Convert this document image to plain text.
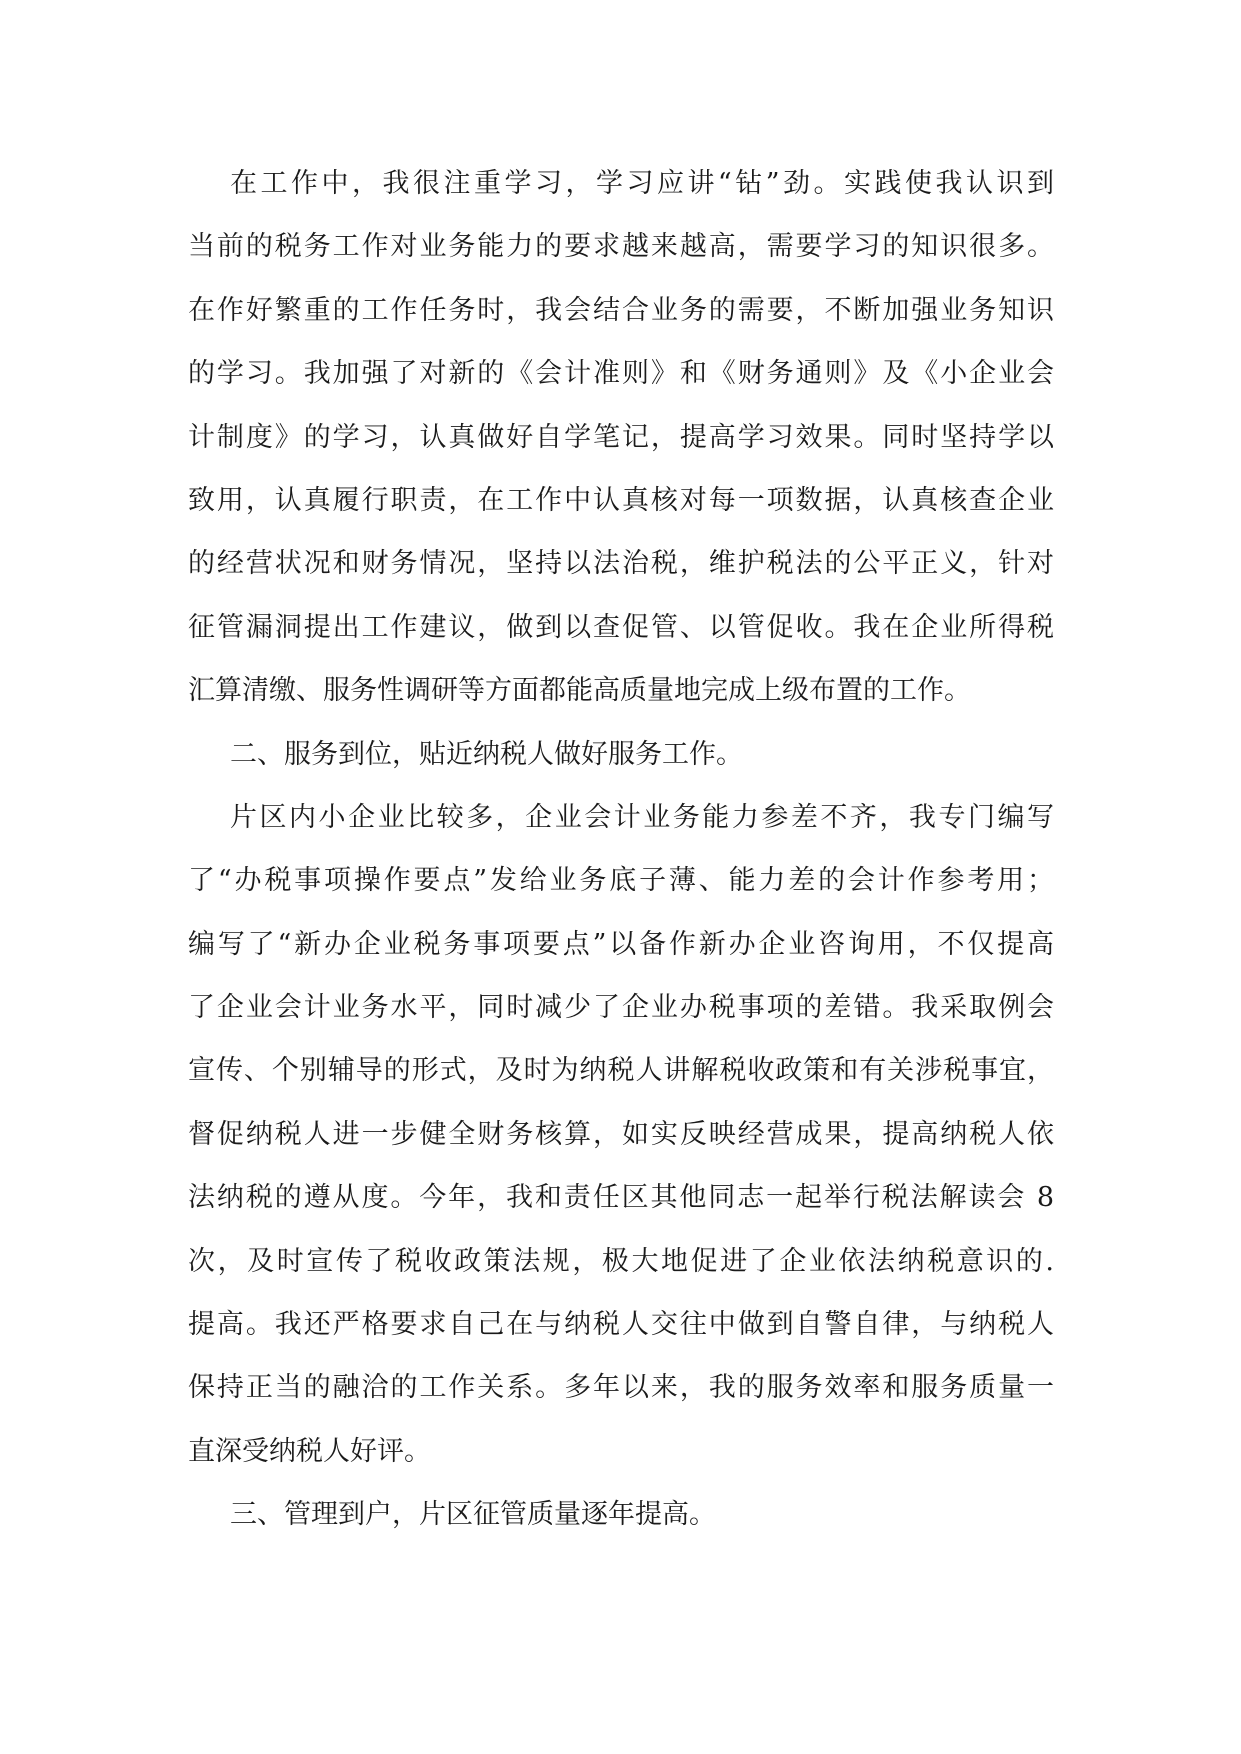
在工作中，我很注重学习，学习应讲“钻”劲。实践使我认识到
当前的税务工作对业务能力的要求越来越高，需要学习的知识很多。
在作好繁重的工作任务时，我会结合业务的需要，不断加强业务知识
的学习。我加强了对新的《会计准则》和《财务通则》及《小企业会
计制度》的学习，认真做好自学笔记，提高学习效果。同时坚持学以
致用，认真履行职责，在工作中认真核对每一项数据，认真核查企业
的经营状况和财务情况，坚持以法治税，维护税法的公平正义，针对
征管漏洞提出工作建议，做到以查促管、以管促收。我在企业所得税
汇算清缴、服务性调研等方面都能高质量地完成上级布置的工作。
二、服务到位，贴近纳税人做好服务工作。
片区内小企业比较多，企业会计业务能力参差不齐，我专门编写
了“办税事项操作要点”发给业务底子薄、能力差的会计作参考用；
编写了“新办企业税务事项要点”以备作新办企业咨询用，不仅提高
了企业会计业务水平，同时减少了企业办税事项的差错。我采取例会
宣传、个别辅导的形式，及时为纳税人讲解税收政策和有关涉税事宜，
督促纳税人进一步健全财务核算，如实反映经营成果，提高纳税人依
法纳税的遵从度。今年，我和责任区其他同志一起举行税法解读会 8
次，及时宣传了税收政策法规，极大地促进了企业依法纳税意识的.
提高。我还严格要求自己在与纳税人交往中做到自警自律，与纳税人
保持正当的融洽的工作关系。多年以来，我的服务效率和服务质量一
直深受纳税人好评。
三、管理到户，片区征管质量逐年提高。
